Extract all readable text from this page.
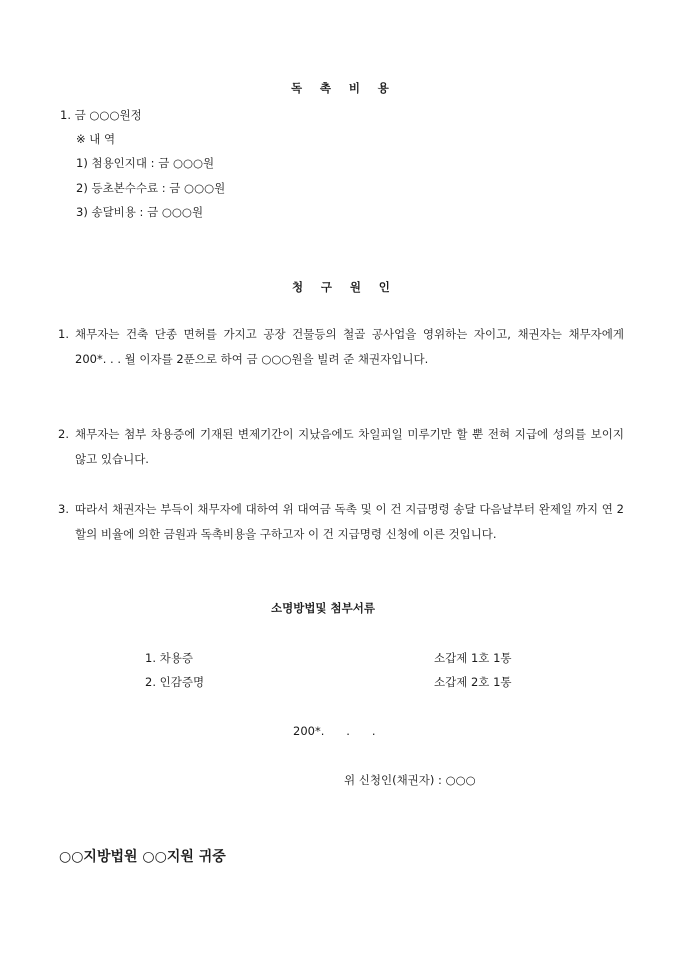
독 촉 비 용
1. 금 ○○○원정
※ 내 역
1) 첨용인지대 : 금 ○○○원
2) 등초본수수료 : 금 ○○○원
3) 송달비용 : 금 ○○○원
청 구 원 인
1. 채무자는 건축 단종 면허를 가지고 공장 건물등의 철골 공사업을 영위하는 자이고, 채권자는 채무자에게 200*. . . 월 이자를 2푼으로 하여 금 ○○○원을 빌려 준 채권자입니다.
2. 채무자는 첨부 차용증에 기재된 변제기간이 지났음에도 차일피일 미루기만 할 뿐 전혀 지급에 성의를 보이지 않고 있습니다.
3. 따라서 채권자는 부득이 채무자에 대하여 위 대여금 독촉 및 이 건 지급명령 송달 다음날부터 완제일 까지 연 2할의 비율에 의한 금원과 독촉비용을 구하고자 이 건 지급명령 신청에 이른 것입니다.
소명방법및 첨부서류
1. 차용증	소갑제 1호 1통
2. 인감증명	소갑제 2호 1통
200*.      .      .
위 신청인(채권자) : ○○○
○○지방법원 ○○지원 귀중
